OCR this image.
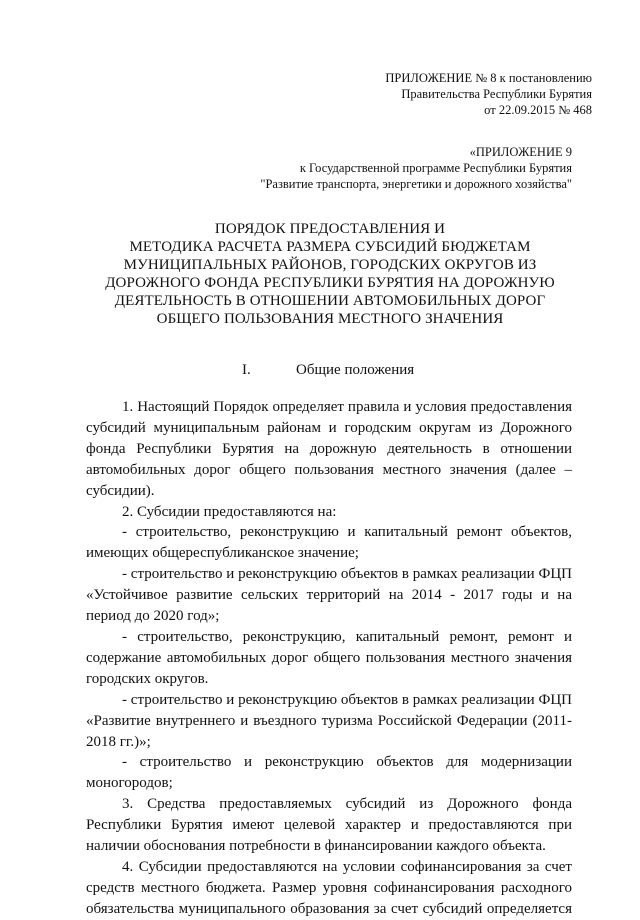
ПРИЛОЖЕНИЕ № 8 к постановлению
Правительства Республики Бурятия
от 22.09.2015 № 468
«ПРИЛОЖЕНИЕ 9
к Государственной программе Республики Бурятия
"Развитие транспорта, энергетики и дорожного хозяйства"
ПОРЯДОК ПРЕДОСТАВЛЕНИЯ И
МЕТОДИКА РАСЧЕТА РАЗМЕРА СУБСИДИЙ БЮДЖЕТАМ
МУНИЦИПАЛЬНЫХ РАЙОНОВ, ГОРОДСКИХ ОКРУГОВ ИЗ
ДОРОЖНОГО ФОНДА РЕСПУБЛИКИ БУРЯТИЯ НА ДОРОЖНУЮ
ДЕЯТЕЛЬНОСТЬ В ОТНОШЕНИИ АВТОМОБИЛЬНЫХ ДОРОГ
ОБЩЕГО ПОЛЬЗОВАНИЯ МЕСТНОГО ЗНАЧЕНИЯ
I.	Общие положения

1. Настоящий Порядок определяет правила и условия предоставления субсидий муниципальным районам и городским округам из Дорожного фонда Республики Бурятия на дорожную деятельность в отношении автомобильных дорог общего пользования местного значения (далее – субсидии).

2. Субсидии предоставляются на:

- строительство, реконструкцию и капитальный ремонт объектов, имеющих общереспубликанское значение;

- строительство и реконструкцию объектов в рамках реализации ФЦП «Устойчивое развитие сельских территорий на 2014 - 2017 годы и на период до 2020 год»;

- строительство, реконструкцию, капитальный ремонт, ремонт и содержание автомобильных дорог общего пользования местного значения городских округов.

- строительство и реконструкцию объектов в рамках реализации ФЦП «Развитие внутреннего и въездного туризма Российской Федерации (2011-2018 гг.)»;

- строительство и реконструкцию объектов для модернизации моногородов;

3. Средства предоставляемых субсидий из Дорожного фонда Республики Бурятия имеют целевой характер и предоставляются при наличии обоснования потребности в финансировании каждого объекта.

4. Субсидии предоставляются на условии софинансирования за счет средств местного бюджета. Размер уровня софинансирования расходного обязательства муниципального образования за счет субсидий определяется
